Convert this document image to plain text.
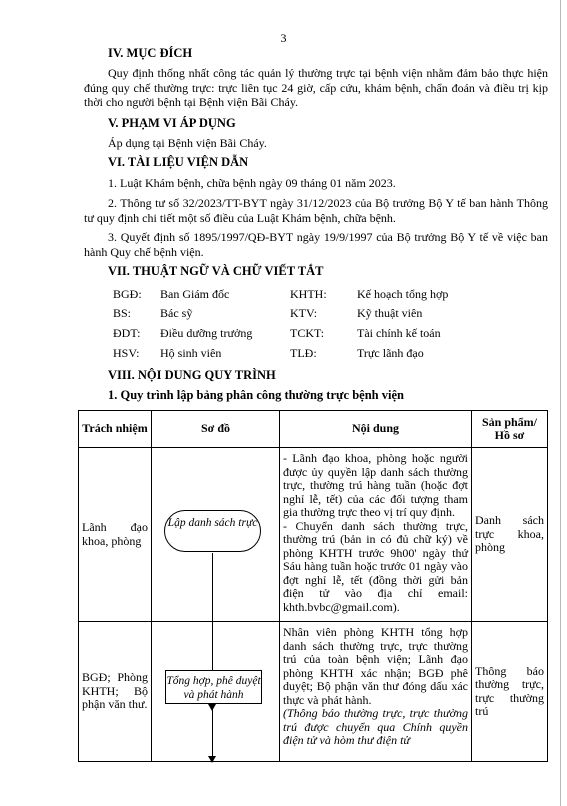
3
IV. MỤC ĐÍCH
Quy định thống nhất công tác quản lý thường trực tại bệnh viện nhằm đảm bảo thực hiện đúng quy chế thường trực: trực liên tục 24 giờ, cấp cứu, khám bệnh, chẩn đoán và điều trị kịp thời cho người bệnh tại Bệnh viện Bãi Cháy.
V. PHẠM VI ÁP DỤNG
Áp dụng tại Bệnh viện Bãi Cháy.
VI. TÀI LIỆU VIỆN DẪN
1. Luật Khám bệnh, chữa bệnh ngày 09 tháng 01 năm 2023.
2. Thông tư số 32/2023/TT-BYT ngày 31/12/2023 của Bộ trưởng Bộ Y tế ban hành Thông tư quy định chi tiết một số điều của Luật Khám bệnh, chữa bệnh.
3. Quyết định số 1895/1997/QĐ-BYT ngày 19/9/1997 của Bộ trưởng Bộ Y tế về việc ban hành Quy chế bệnh viện.
VII. THUẬT NGỮ VÀ CHỮ VIẾT TẮT
BGĐ: Ban Giám đốc	KHTH:	Kế hoạch tổng hợp
BS: Bác sỹ	KTV:	Kỹ thuật viên
ĐDT: Điều dưỡng trưởng	TCKT:	Tài chính kế toán
HSV: Hộ sinh viên	TLĐ:	Trực lãnh đạo
VIII. NỘI DUNG QUY TRÌNH
1. Quy trình lập bảng phân công thường trực bệnh viện
Trách nhiệm	Sơ đồ	Nội dung	Sản phẩm/ Hồ sơ
Lãnh đạo khoa, phòng		- Lãnh đạo khoa, phòng hoặc người được ủy quyền lập danh sách thường trực, thường trú hàng tuần (hoặc đợt nghỉ lễ, tết) của các đối tượng tham gia thường trực theo vị trí quy định.
- Chuyển danh sách thường trực, thường trú (bản in có đủ chữ ký) về phòng KHTH trước 9h00' ngày thứ Sáu hàng tuần hoặc trước 01 ngày vào đợt nghỉ lễ, tết (đồng thời gửi bản điện tử vào địa chỉ email: khth.bvbc@gmail.com).	Danh sách trực khoa, phòng
BGĐ; Phòng KHTH; Bộ phận văn thư.		Nhân viên phòng KHTH tổng hợp danh sách thường trực, trực thường trú của toàn bệnh viện; Lãnh đạo phòng KHTH xác nhận; BGĐ phê duyệt; Bộ phận văn thư đóng dấu xác thực và phát hành.
(Thông báo thường trực, trực thường trú được chuyển qua Chính quyền điện tử và hòm thư điện tử	Thông báo thường trực, trực thường trú
Lập danh sách trực
Tổng hợp, phê duyệt và phát hành
